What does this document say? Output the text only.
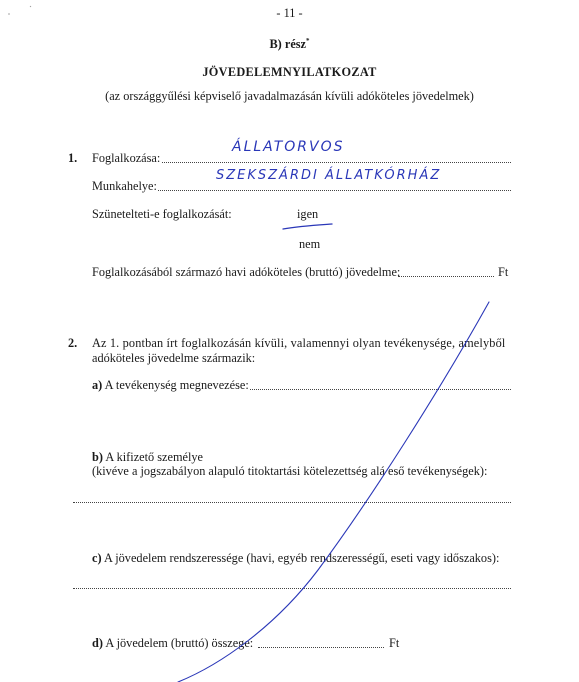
- 11 -
B) rész*
JÖVEDELEMNYILATKOZAT
(az országgyűlési képviselő javadalmazásán kívüli adóköteles jövedelmek)
1. Foglalkozása:
ÁLLATORVOS
Munkahelye:
SZEKSZÁRDI ÁLLATKÓRHÁZ
Szünetelteti-e foglalkozását:	igen
nem
Foglalkozásából származó havi adóköteles (bruttó) jövedelme:	Ft
2. Az 1. pontban írt foglalkozásán kívüli, valamennyi olyan tevékenysége, amelyből
adóköteles jövedelme származik:
a) A tevékenység megnevezése:
b) A kifizető személye
(kivéve a jogszabályon alapuló titoktartási kötelezettség alá eső tevékenységek):
c) A jövedelem rendszeressége (havi, egyéb rendszerességű, eseti vagy időszakos):
d) A jövedelem (bruttó) összege:	Ft
